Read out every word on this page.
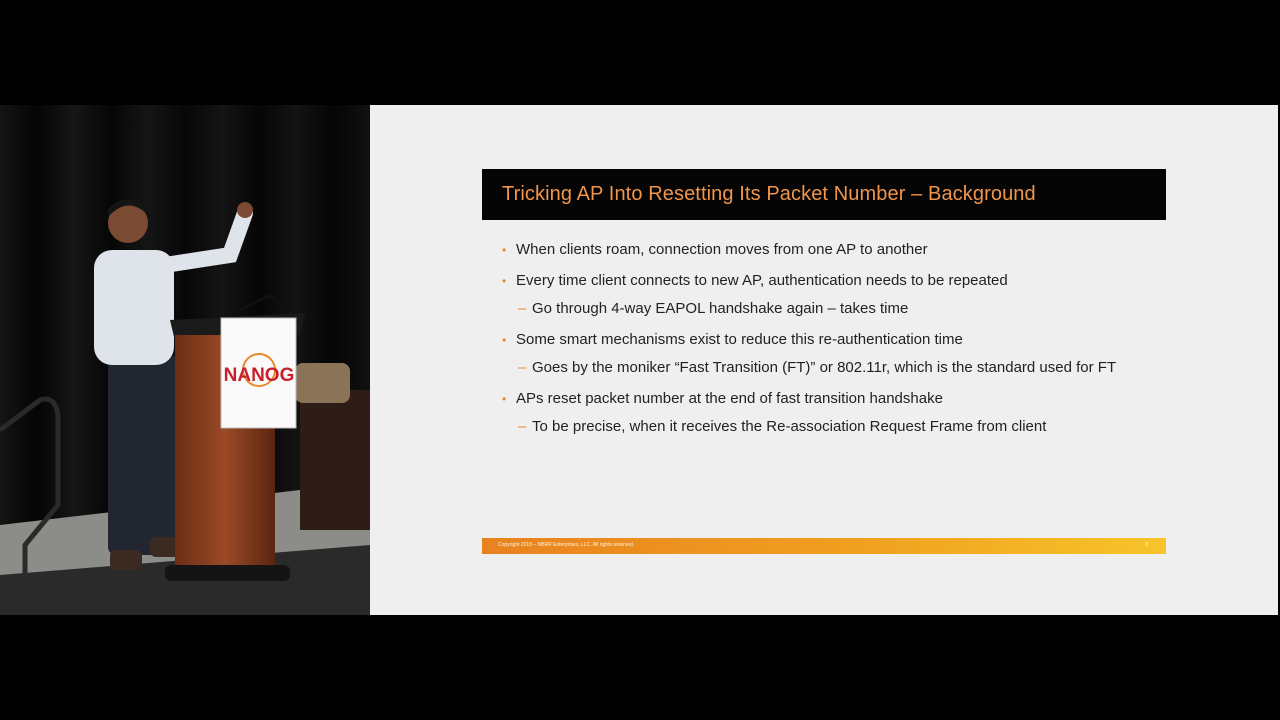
NANOG
Tricking AP Into Resetting Its Packet Number – Background
• When clients roam, connection moves from one AP to another
• Every time client connects to new AP, authentication needs to be repeated
– Go through 4-way EAPOL handshake again – takes time
• Some smart mechanisms exist to reduce this re-authentication time
– Goes by the moniker “Fast Transition (FT)” or 802.11r, which is the standard used for FT
• APs reset packet number at the end of fast transition handshake
– To be precise, when it receives the Re-association Request Frame from client
Copyright 2018 – NBRR Enterprises, LLC. All rights reserved.	8
